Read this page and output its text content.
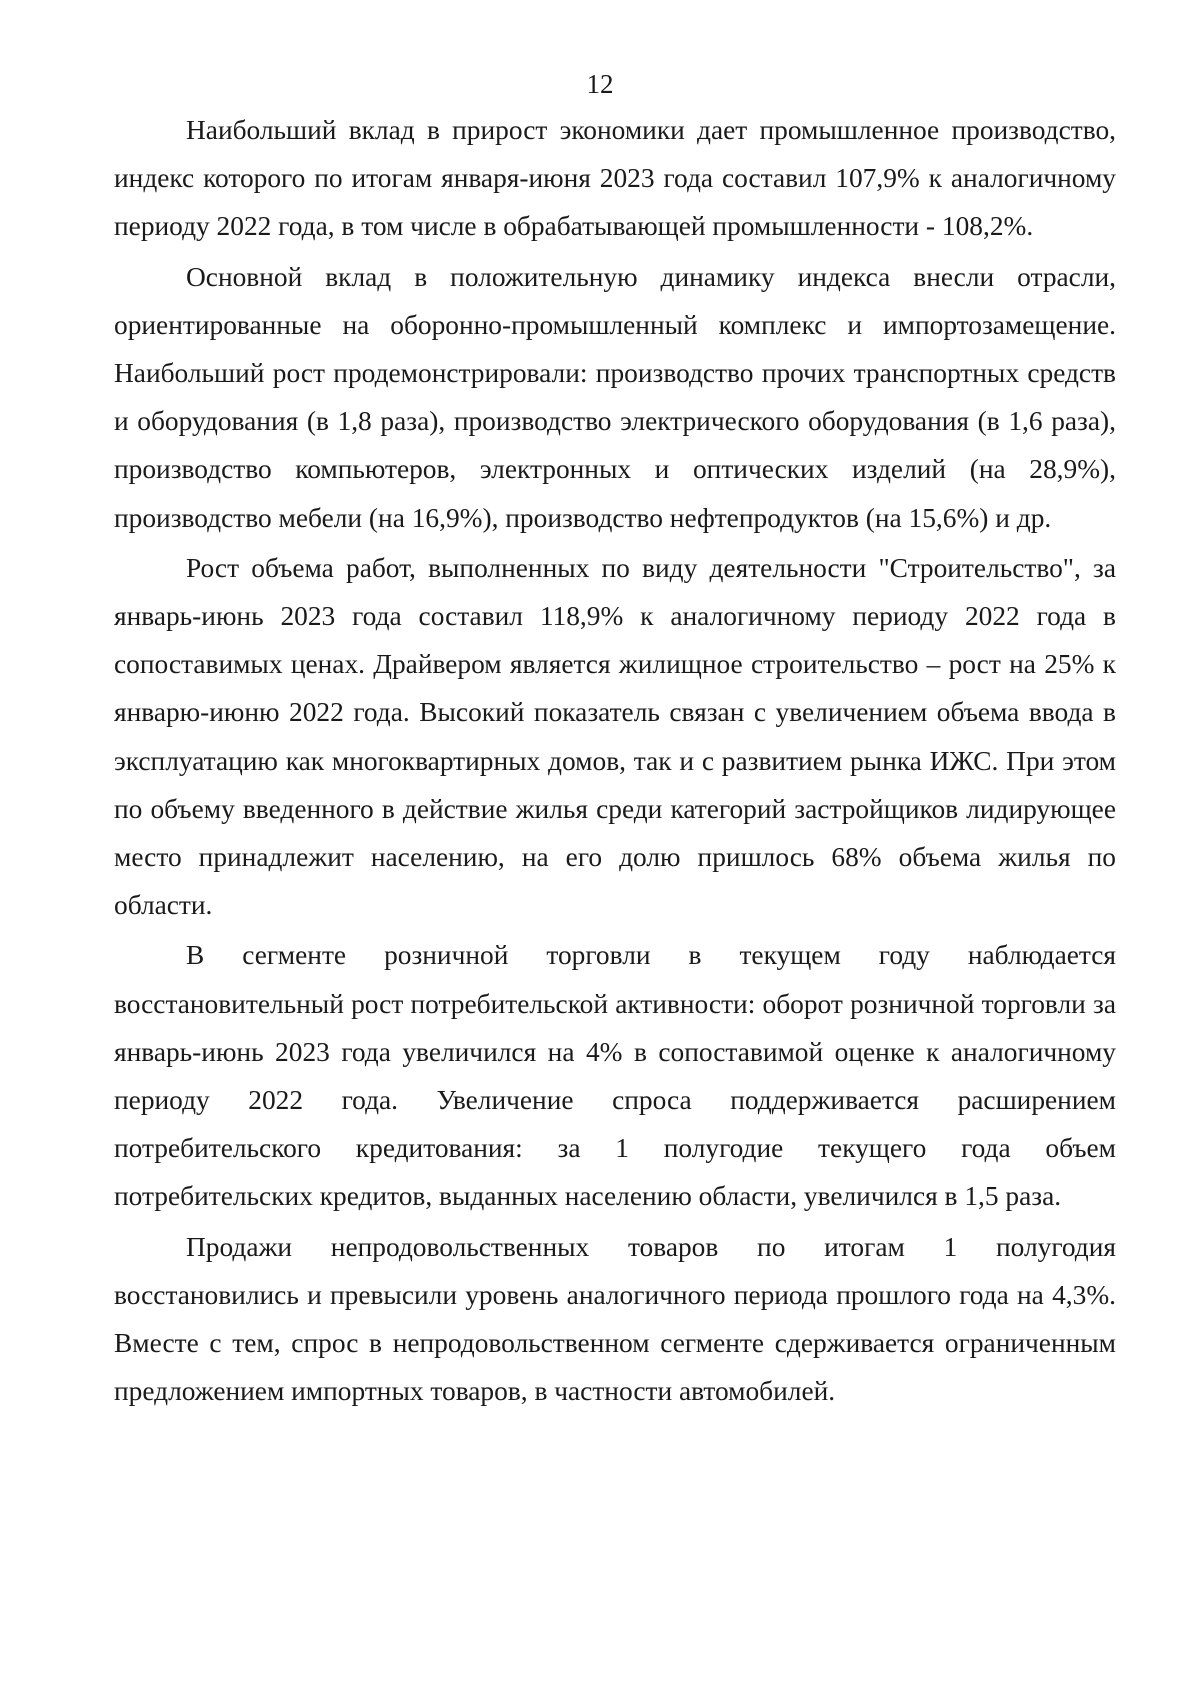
12

Наибольший вклад в прирост экономики дает промышленное производство, индекс которого по итогам января-июня 2023 года составил 107,9% к аналогичному периоду 2022 года, в том числе в обрабатывающей промышленности - 108,2%.

Основной вклад в положительную динамику индекса внесли отрасли, ориентированные на оборонно-промышленный комплекс и импортозамещение. Наибольший рост продемонстрировали: производство прочих транспортных средств и оборудования (в 1,8 раза), производство электрического оборудования (в 1,6 раза), производство компьютеров, электронных и оптических изделий (на 28,9%), производство мебели (на 16,9%), производство нефтепродуктов (на 15,6%) и др.

Рост объема работ, выполненных по виду деятельности "Строительство", за январь-июнь 2023 года составил 118,9% к аналогичному периоду 2022 года в сопоставимых ценах. Драйвером является жилищное строительство – рост на 25% к январю-июню 2022 года. Высокий показатель связан с увеличением объема ввода в эксплуатацию как многоквартирных домов, так и с развитием рынка ИЖС. При этом по объему введенного в действие жилья среди категорий застройщиков лидирующее место принадлежит населению, на его долю пришлось 68% объема жилья по области.

В сегменте розничной торговли в текущем году наблюдается восстановительный рост потребительской активности: оборот розничной торговли за январь-июнь 2023 года увеличился на 4% в сопоставимой оценке к аналогичному периоду 2022 года. Увеличение спроса поддерживается расширением потребительского кредитования: за 1 полугодие текущего года объем потребительских кредитов, выданных населению области, увеличился в 1,5 раза.

Продажи непродовольственных товаров по итогам 1 полугодия восстановились и превысили уровень аналогичного периода прошлого года на 4,3%. Вместе с тем, спрос в непродовольственном сегменте сдерживается ограниченным предложением импортных товаров, в частности автомобилей.
